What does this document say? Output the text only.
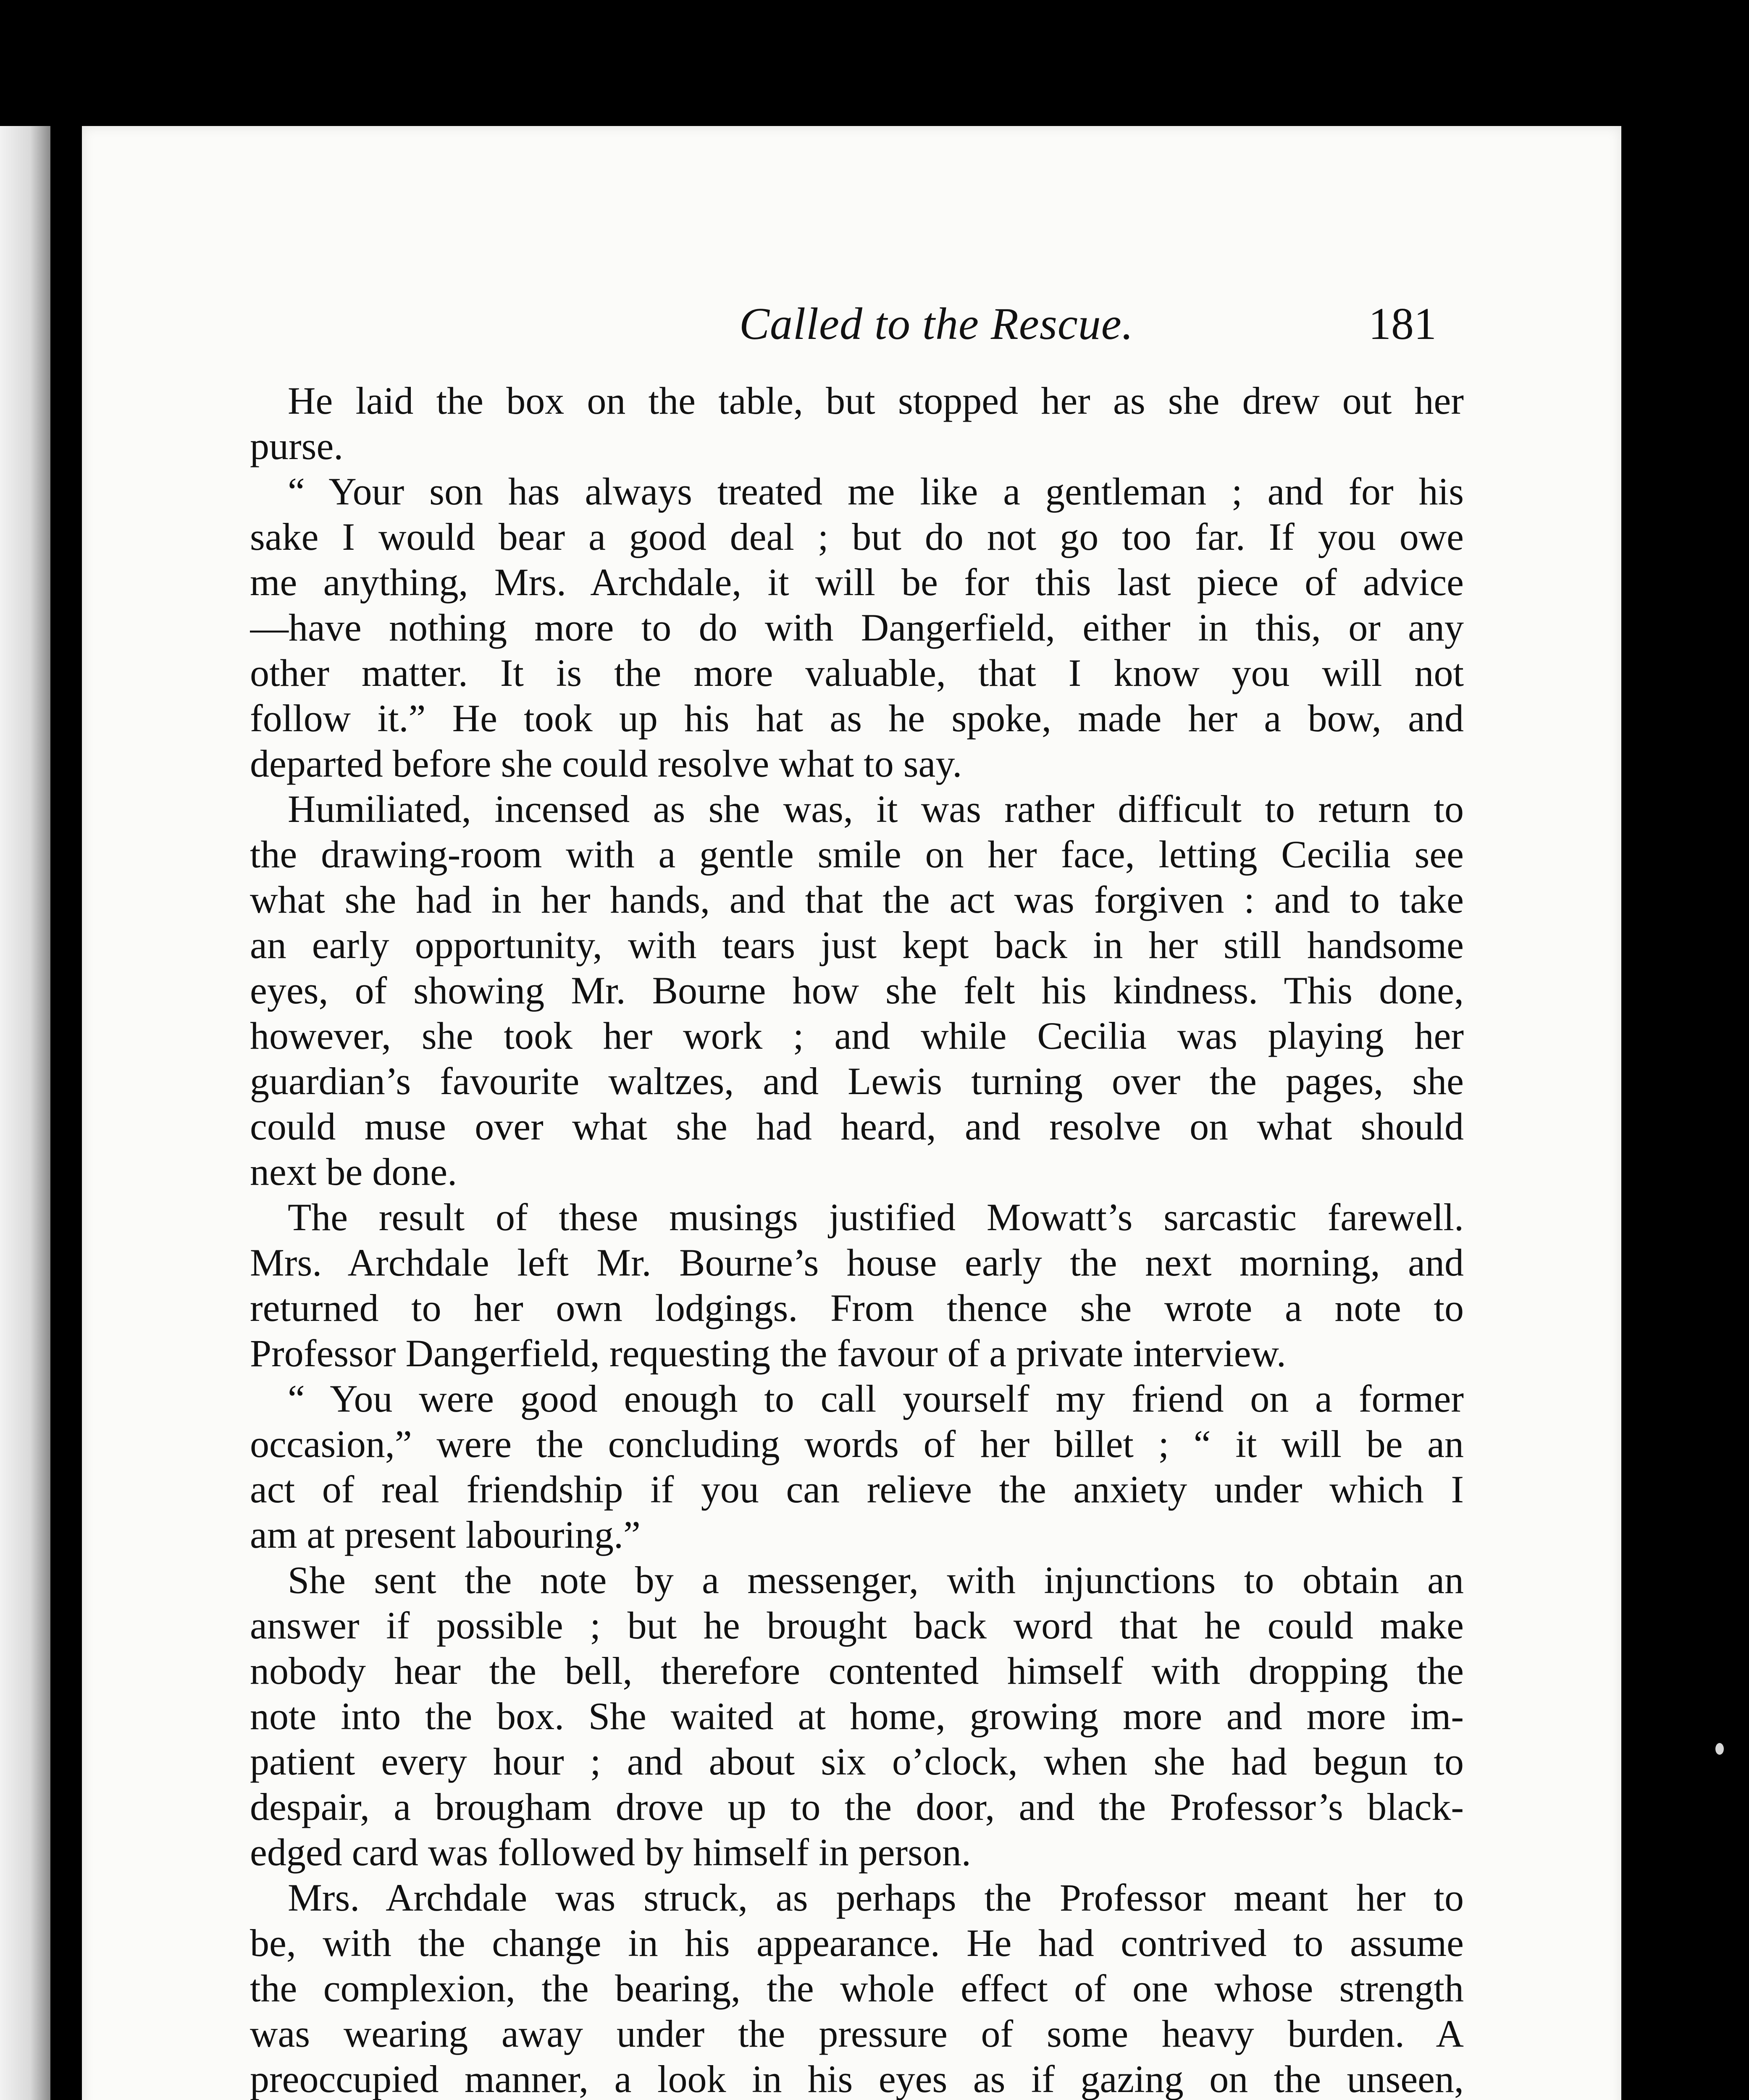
Called to the Rescue.	181
He laid the box on the table, but stopped her as she drew out her
purse.
“ Your son has always treated me like a gentleman ; and for his
sake I would bear a good deal ; but do not go too far. If you owe
me anything, Mrs. Archdale, it will be for this last piece of advice
—have nothing more to do with Dangerfield, either in this, or any
other matter. It is the more valuable, that I know you will not
follow it.” He took up his hat as he spoke, made her a bow, and
departed before she could resolve what to say.
Humiliated, incensed as she was, it was rather difficult to return to
the drawing-room with a gentle smile on her face, letting Cecilia see
what she had in her hands, and that the act was forgiven : and to take
an early opportunity, with tears just kept back in her still handsome
eyes, of showing Mr. Bourne how she felt his kindness. This done,
however, she took her work ; and while Cecilia was playing her
guardian’s favourite waltzes, and Lewis turning over the pages, she
could muse over what she had heard, and resolve on what should
next be done.
The result of these musings justified Mowatt’s sarcastic farewell.
Mrs. Archdale left Mr. Bourne’s house early the next morning, and
returned to her own lodgings. From thence she wrote a note to
Professor Dangerfield, requesting the favour of a private interview.
“ You were good enough to call yourself my friend on a former
occasion,” were the concluding words of her billet ; “ it will be an
act of real friendship if you can relieve the anxiety under which I
am at present labouring.”
She sent the note by a messenger, with injunctions to obtain an
answer if possible ; but he brought back word that he could make
nobody hear the bell, therefore contented himself with dropping the
note into the box. She waited at home, growing more and more im-
patient every hour ; and about six o’clock, when she had begun to
despair, a brougham drove up to the door, and the Professor’s black-
edged card was followed by himself in person.
Mrs. Archdale was struck, as perhaps the Professor meant her to
be, with the change in his appearance. He had contrived to assume
the complexion, the bearing, the whole effect of one whose strength
was wearing away under the pressure of some heavy burden. A
preoccupied manner, a look in his eyes as if gazing on the unseen,
